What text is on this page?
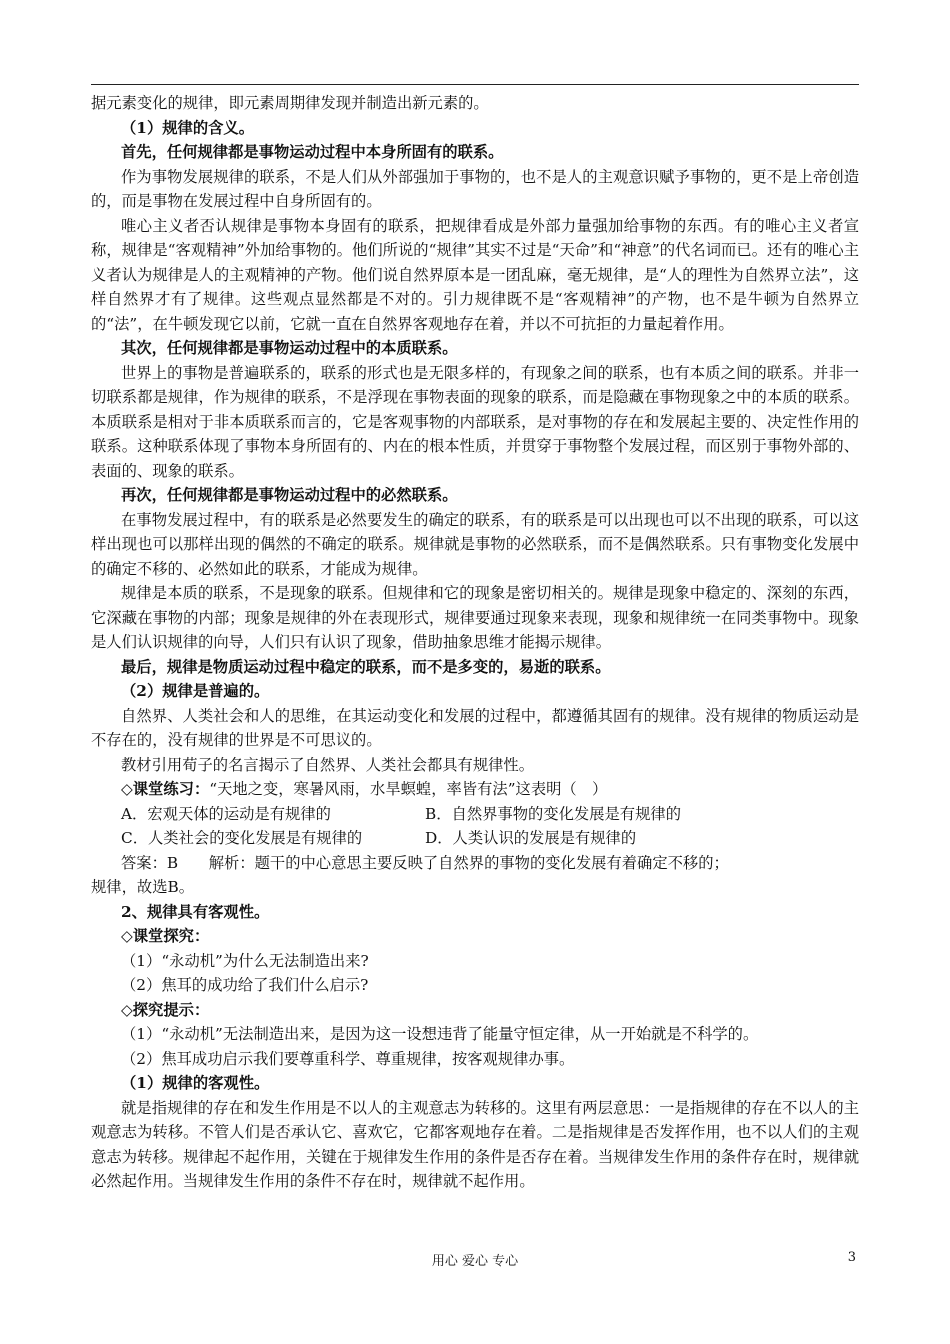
据元素变化的规律，即元素周期律发现并制造出新元素的。

（1）规律的含义。

首先，任何规律都是事物运动过程中本身所固有的联系。

作为事物发展规律的联系，不是人们从外部强加于事物的，也不是人的主观意识赋予事物的，更不是上帝创造的，而是事物在发展过程中自身所固有的。

唯心主义者否认规律是事物本身固有的联系，把规律看成是外部力量强加给事物的东西。有的唯心主义者宣称，规律是“客观精神”外加给事物的。他们所说的“规律”其实不过是“天命”和“神意”的代名词而已。还有的唯心主义者认为规律是人的主观精神的产物。他们说自然界原本是一团乱麻，毫无规律，是“人的理性为自然界立法”，这样自然界才有了规律。这些观点显然都是不对的。引力规律既不是“客观精神”的产物，也不是牛顿为自然界立的“法”，在牛顿发现它以前，它就一直在自然界客观地存在着，并以不可抗拒的力量起着作用。

其次，任何规律都是事物运动过程中的本质联系。

世界上的事物是普遍联系的，联系的形式也是无限多样的，有现象之间的联系，也有本质之间的联系。并非一切联系都是规律，作为规律的联系，不是浮现在事物表面的现象的联系，而是隐藏在事物现象之中的本质的联系。本质联系是相对于非本质联系而言的，它是客观事物的内部联系，是对事物的存在和发展起主要的、决定性作用的联系。这种联系体现了事物本身所固有的、内在的根本性质，并贯穿于事物整个发展过程，而区别于事物外部的、表面的、现象的联系。

再次，任何规律都是事物运动过程中的必然联系。

在事物发展过程中，有的联系是必然要发生的确定的联系，有的联系是可以出现也可以不出现的联系，可以这样出现也可以那样出现的偶然的不确定的联系。规律就是事物的必然联系，而不是偶然联系。只有事物变化发展中的确定不移的、必然如此的联系，才能成为规律。

规律是本质的联系，不是现象的联系。但规律和它的现象是密切相关的。规律是现象中稳定的、深刻的东西，它深藏在事物的内部；现象是规律的外在表现形式，规律要通过现象来表现，现象和规律统一在同类事物中。现象是人们认识规律的向导，人们只有认识了现象，借助抽象思维才能揭示规律。

最后，规律是物质运动过程中稳定的联系，而不是多变的，易逝的联系。

（2）规律是普遍的。

自然界、人类社会和人的思维，在其运动变化和发展的过程中，都遵循其固有的规律。没有规律的物质运动是不存在的，没有规律的世界是不可思议的。

教材引用荀子的名言揭示了自然界、人类社会都具有规律性。

◇课堂练习：“天地之变，寒暑风雨，水旱螟蝗，率皆有法”这表明（　）

A．宏观天体的运动是有规律的	B．自然界事物的变化发展是有规律的
C．人类社会的变化发展是有规律的	D．人类认识的发展是有规律的

答案：B　　解析：题干的中心意思主要反映了自然界的事物的变化发展有着确定不移的；

规律，故选B。

2、规律具有客观性。

◇课堂探究：

（1）“永动机”为什么无法制造出来?

（2）焦耳的成功给了我们什么启示?

◇探究提示：

（1）“永动机”无法制造出来，是因为这一设想违背了能量守恒定律，从一开始就是不科学的。

（2）焦耳成功启示我们要尊重科学、尊重规律，按客观规律办事。

（1）规律的客观性。

就是指规律的存在和发生作用是不以人的主观意志为转移的。这里有两层意思：一是指规律的存在不以人的主观意志为转移。不管人们是否承认它、喜欢它，它都客观地存在着。二是指规律是否发挥作用，也不以人们的主观意志为转移。规律起不起作用，关键在于规律发生作用的条件是否存在着。当规律发生作用的条件存在时，规律就必然起作用。当规律发生作用的条件不存在时，规律就不起作用。

用心 爱心 专心	3
